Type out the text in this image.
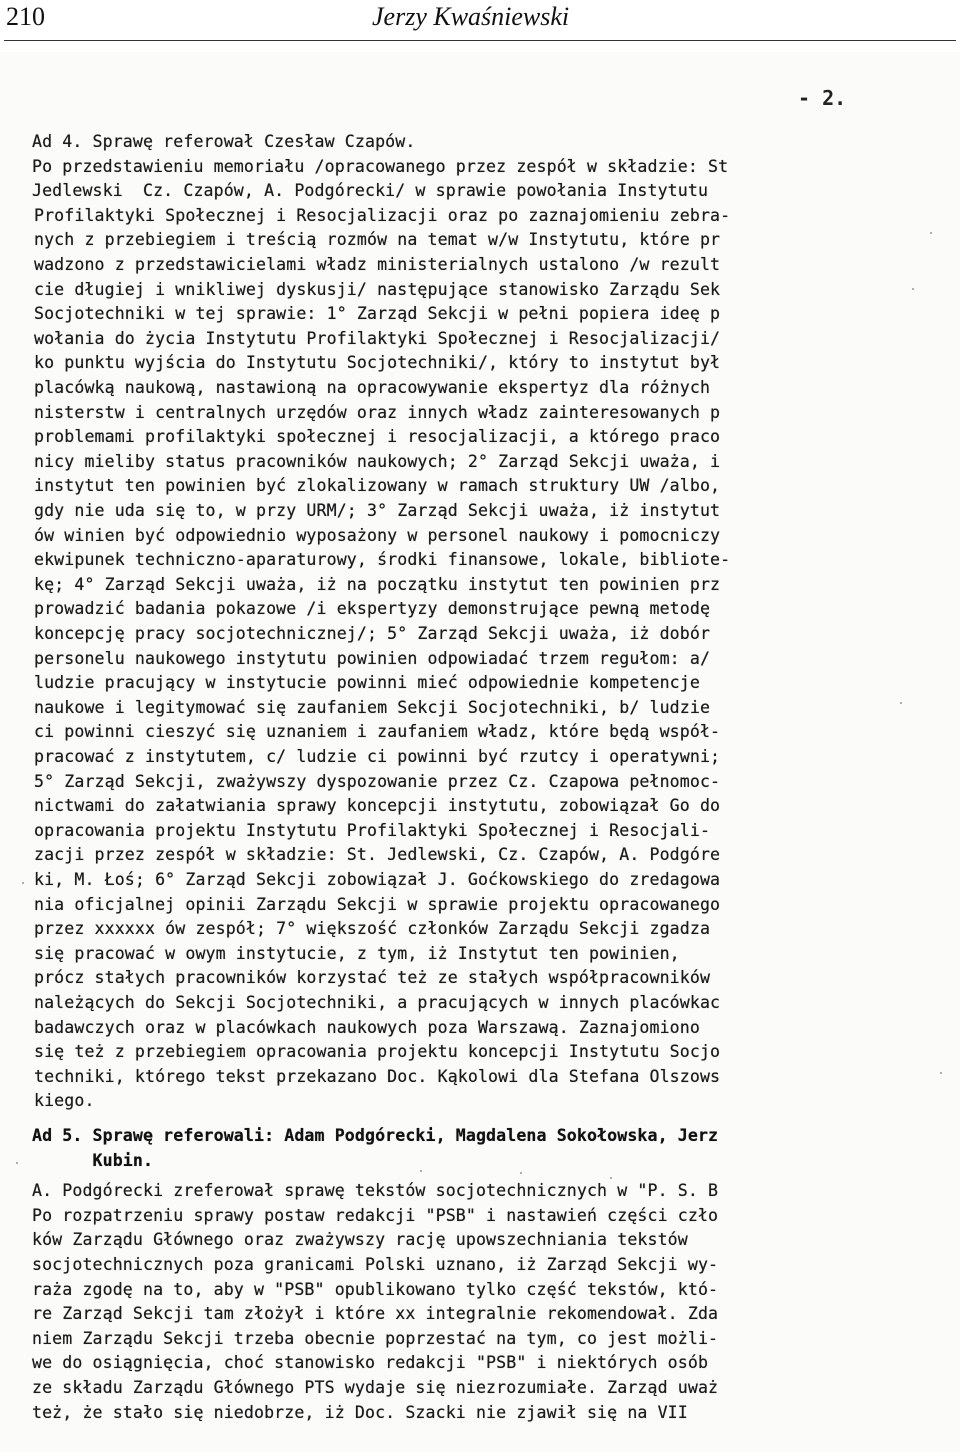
210	Jerzy Kwaśniewski
- 2.
Ad 4. Sprawę referował Czesław Czapów.
Po przedstawieniu memoriału /opracowanego przez zespół w składzie: St
Jedlewski  Cz. Czapów, A. Podgórecki/ w sprawie powołania Instytutu
Profilaktyki Społecznej i Resocjalizacji oraz po zaznajomieniu zebra-
nych z przebiegiem i treścią rozmów na temat w/w Instytutu, które pr
wadzono z przedstawicielami władz ministerialnych ustalono /w rezult
cie długiej i wnikliwej dyskusji/ następujące stanowisko Zarządu Sek
Socjotechniki w tej sprawie: 1° Zarząd Sekcji w pełni popiera ideę p
wołania do życia Instytutu Profilaktyki Społecznej i Resocjalizacji/
ko punktu wyjścia do Instytutu Socjotechniki/, który to instytut był
placówką naukową, nastawioną na opracowywanie ekspertyz dla różnych
nisterstw i centralnych urzędów oraz innych władz zainteresowanych p
problemami profilaktyki społecznej i resocjalizacji, a którego praco
nicy mieliby status pracowników naukowych; 2° Zarząd Sekcji uważa, i
instytut ten powinien być zlokalizowany w ramach struktury UW /albo,
gdy nie uda się to, w przy URM/; 3° Zarząd Sekcji uważa, iż instytut
ów winien być odpowiednio wyposażony w personel naukowy i pomocniczy
ekwipunek techniczno-aparaturowy, środki finansowe, lokale, bibliote-
kę; 4° Zarząd Sekcji uważa, iż na początku instytut ten powinien prz
prowadzić badania pokazowe /i ekspertyzy demonstrujące pewną metodę
koncepcję pracy socjotechnicznej/; 5° Zarząd Sekcji uważa, iż dobór
personelu naukowego instytutu powinien odpowiadać trzem regułom: a/
ludzie pracujący w instytucie powinni mieć odpowiednie kompetencje
naukowe i legitymować się zaufaniem Sekcji Socjotechniki, b/ ludzie
ci powinni cieszyć się uznaniem i zaufaniem władz, które będą współ-
pracować z instytutem, c/ ludzie ci powinni być rzutcy i operatywni;
5° Zarząd Sekcji, zważywszy dyspozowanie przez Cz. Czapowa pełnomoc-
nictwami do załatwiania sprawy koncepcji instytutu, zobowiązał Go do
opracowania projektu Instytutu Profilaktyki Społecznej i Resocjali-
zacji przez zespół w składzie: St. Jedlewski, Cz. Czapów, A. Podgóre
ki, M. Łoś; 6° Zarząd Sekcji zobowiązał J. Goćkowskiego do zredagowa
nia oficjalnej opinii Zarządu Sekcji w sprawie projektu opracowanego
przez xxxxxx ów zespół; 7° większość członków Zarządu Sekcji zgadza
się pracować w owym instytucie, z tym, iż Instytut ten powinien,
prócz stałych pracowników korzystać też ze stałych współpracowników
należących do Sekcji Socjotechniki, a pracujących w innych placówkac
badawczych oraz w placówkach naukowych poza Warszawą. Zaznajomiono
się też z przebiegiem opracowania projektu koncepcji Instytutu Socjo
techniki, którego tekst przekazano Doc. Kąkolowi dla Stefana Olszows
kiego.
Ad 5. Sprawę referowali: Adam Podgórecki, Magdalena Sokołowska, Jerz
Kubin.
A. Podgórecki zreferował sprawę tekstów socjotechnicznych w "P. S. B
Po rozpatrzeniu sprawy postaw redakcji "PSB" i nastawień części czło
ków Zarządu Głównego oraz zważywszy rację upowszechniania tekstów
socjotechnicznych poza granicami Polski uznano, iż Zarząd Sekcji wy-
raża zgodę na to, aby w "PSB" opublikowano tylko część tekstów, któ-
re Zarząd Sekcji tam złożył i które xx integralnie rekomendował. Zda
niem Zarządu Sekcji trzeba obecnie poprzestać na tym, co jest możli-
we do osiągnięcia, choć stanowisko redakcji "PSB" i niektórych osób
ze składu Zarządu Głównego PTS wydaje się niezrozumiałe. Zarząd uważ
też, że stało się niedobrze, iż Doc. Szacki nie zjawił się na VII
